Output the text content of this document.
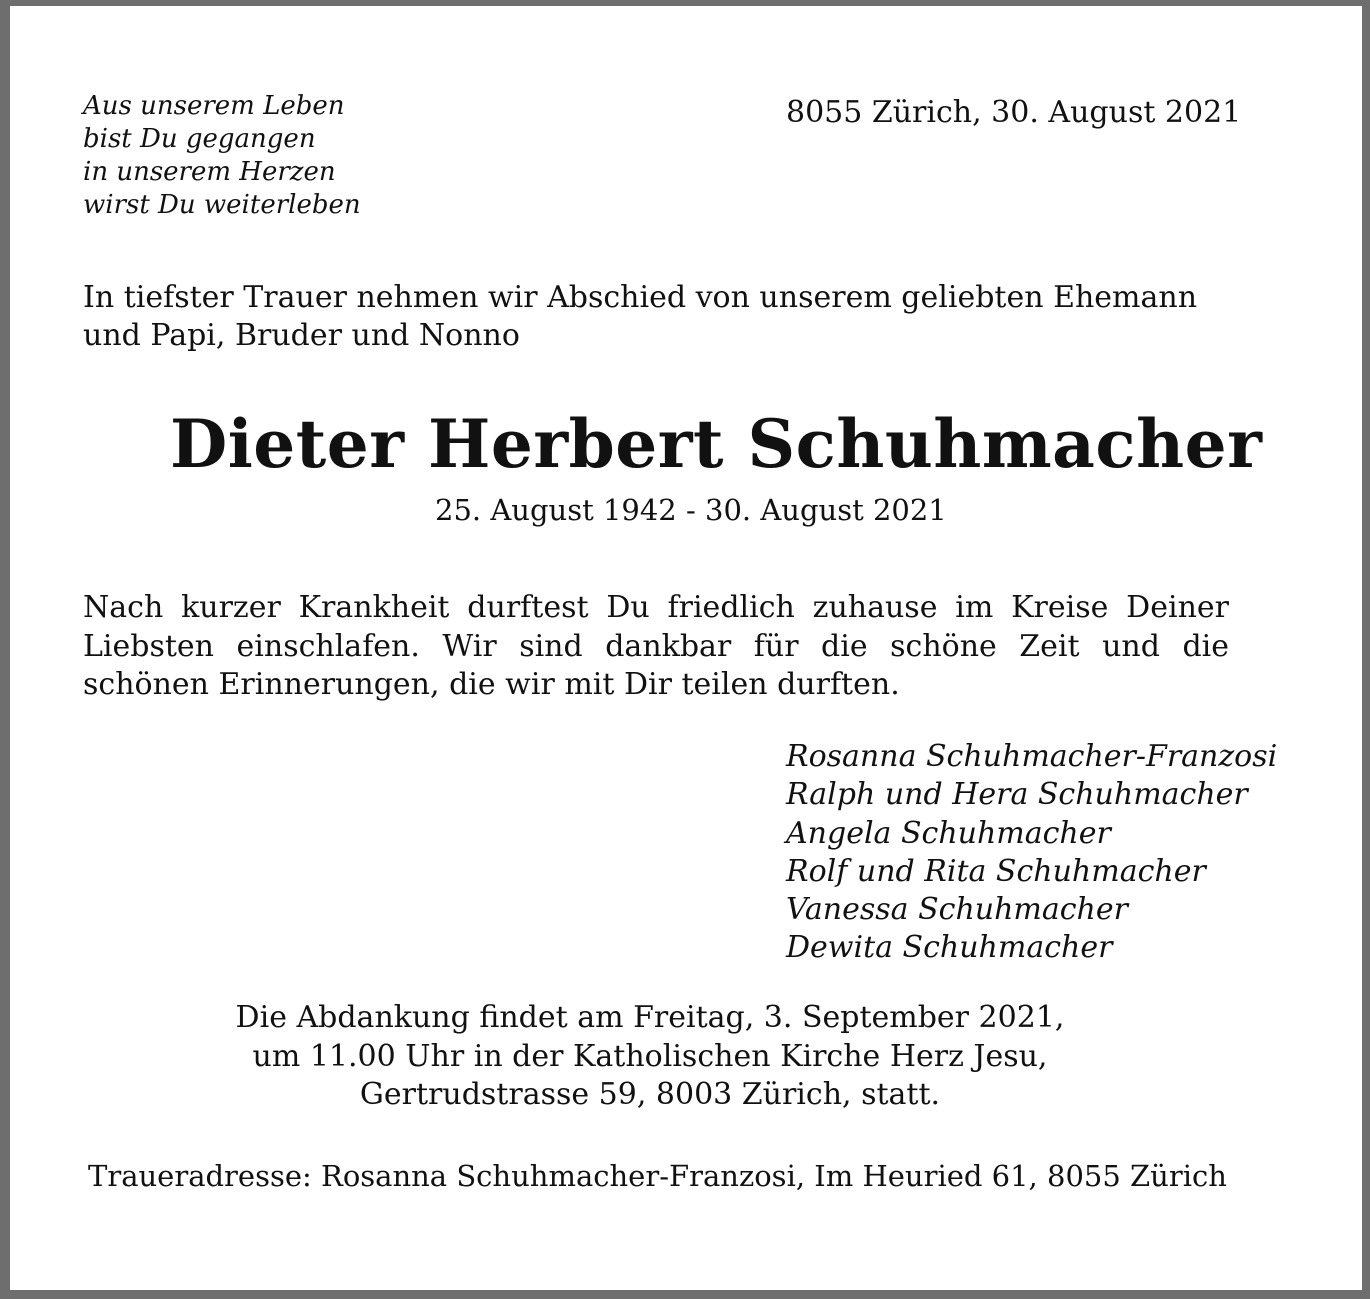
Aus unserem Leben
bist Du gegangen
in unserem Herzen
wirst Du weiterleben
8055 Zürich, 30. August 2021
In tiefster Trauer nehmen wir Abschied von unserem geliebten Ehemann
und Papi, Bruder und Nonno
Dieter Herbert Schuhmacher
25. August 1942 - 30. August 2021
Nach kurzer Krankheit durftest Du friedlich zuhause im Kreise Deiner Liebsten einschlafen. Wir sind dankbar für die schöne Zeit und die schönen Erinnerungen, die wir mit Dir teilen durften.
Rosanna Schuhmacher-Franzosi
Ralph und Hera Schuhmacher
Angela Schuhmacher
Rolf und Rita Schuhmacher
Vanessa Schuhmacher
Dewita Schuhmacher
Die Abdankung findet am Freitag, 3. September 2021,
um 11.00 Uhr in der Katholischen Kirche Herz Jesu,
Gertrudstrasse 59, 8003 Zürich, statt.
Traueradresse: Rosanna Schuhmacher-Franzosi, Im Heuried 61, 8055 Zürich
